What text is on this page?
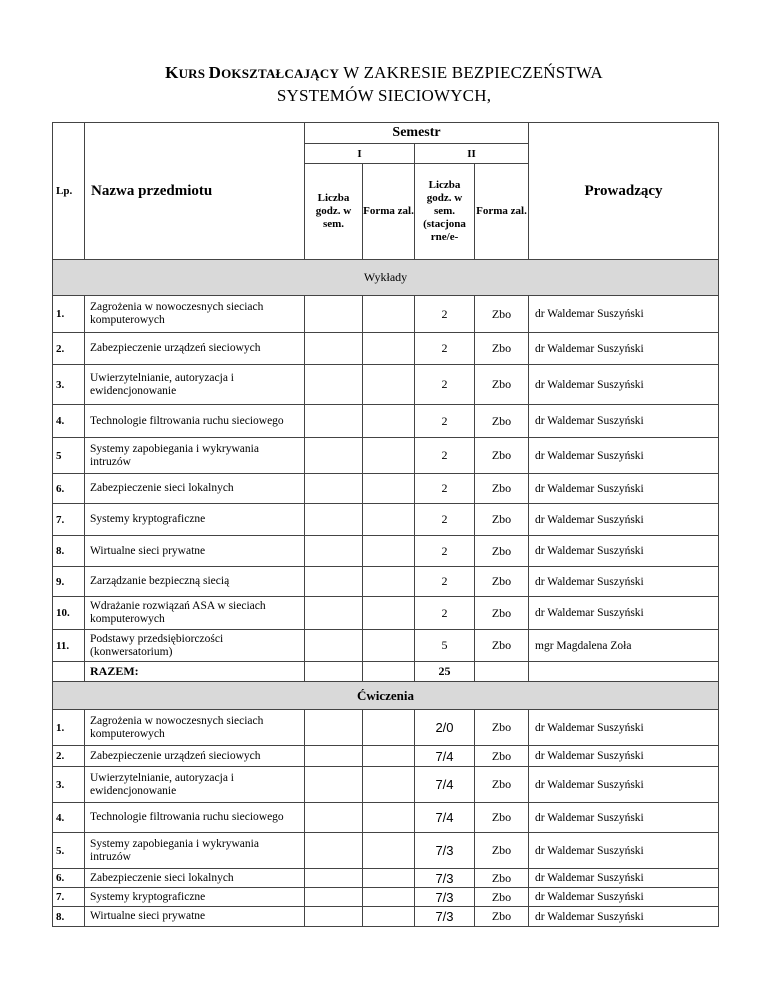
KURS DOKSZTAŁCAJĄCY W ZAKRESIE BEZPIECZEŃSTWA
SYSTEMÓW SIECIOWYCH,
Lp.	Nazwa przedmiotu	Semestr				Prowadzący
		I		II		
		Liczba godz. w sem.	Forma zal.	Liczba godz. w sem. (stacjona rne/e-	Forma zal.	
Wykłady						
1.	Zagrożenia w nowoczesnych sieciach komputerowych			2	Zbo	dr Waldemar Suszyński
2.	Zabezpieczenie urządzeń sieciowych			2	Zbo	dr Waldemar Suszyński
3.	Uwierzytelnianie, autoryzacja i ewidencjonowanie			2	Zbo	dr Waldemar Suszyński
4.	Technologie filtrowania ruchu sieciowego			2	Zbo	dr Waldemar Suszyński
5	Systemy zapobiegania i wykrywania intruzów			2	Zbo	dr Waldemar Suszyński
6.	Zabezpieczenie sieci lokalnych			2	Zbo	dr Waldemar Suszyński
7.	Systemy kryptograficzne			2	Zbo	dr Waldemar Suszyński
8.	Wirtualne sieci prywatne			2	Zbo	dr Waldemar Suszyński
9.	Zarządzanie bezpieczną siecią			2	Zbo	dr Waldemar Suszyński
10.	Wdrażanie rozwiązań ASA w sieciach komputerowych			2	Zbo	dr Waldemar Suszyński
11.	Podstawy przedsiębiorczości (konwersatorium)			5	Zbo	mgr Magdalena Zoła
	RAZEM:			25		
Ćwiczenia						
1.	Zagrożenia w nowoczesnych sieciach komputerowych			2/0	Zbo	dr Waldemar Suszyński
2.	Zabezpieczenie urządzeń sieciowych			7/4	Zbo	dr Waldemar Suszyński
3.	Uwierzytelnianie, autoryzacja i ewidencjonowanie			7/4	Zbo	dr Waldemar Suszyński
4.	Technologie filtrowania ruchu sieciowego			7/4	Zbo	dr Waldemar Suszyński
5.	Systemy zapobiegania i wykrywania intruzów			7/3	Zbo	dr Waldemar Suszyński
6.	Zabezpieczenie sieci lokalnych			7/3	Zbo	dr Waldemar Suszyński
7.	Systemy kryptograficzne			7/3	Zbo	dr Waldemar Suszyński
8.	Wirtualne sieci prywatne			7/3	Zbo	dr Waldemar Suszyński
